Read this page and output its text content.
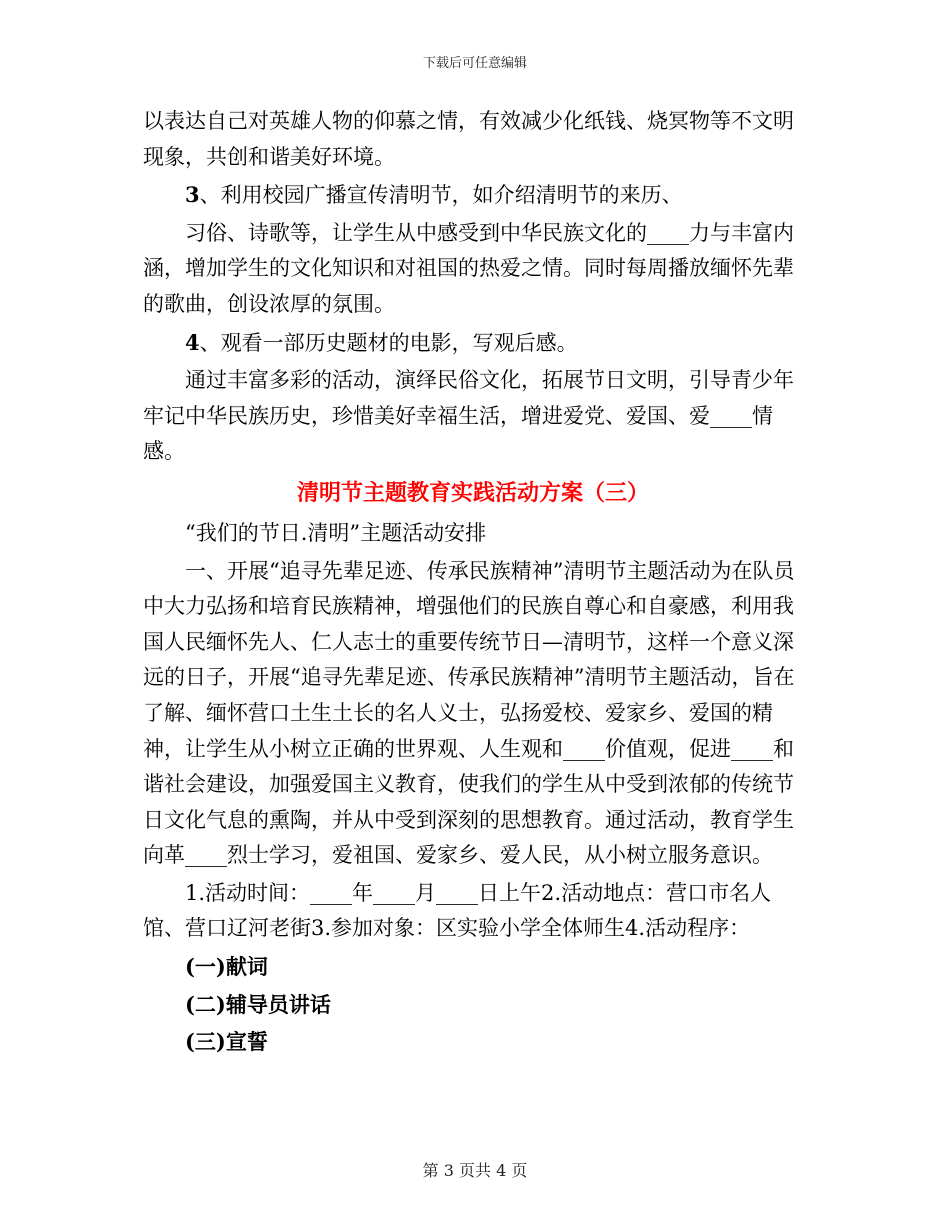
下载后可任意编辑

以表达自己对英雄人物的仰慕之情，有效减少化纸钱、烧冥物等不文明现象，共创和谐美好环境。

3、利用校园广播宣传清明节，如介绍清明节的来历、

习俗、诗歌等，让学生从中感受到中华民族文化的____力与丰富内涵，增加学生的文化知识和对祖国的热爱之情。同时每周播放缅怀先辈的歌曲，创设浓厚的氛围。

4、观看一部历史题材的电影，写观后感。

通过丰富多彩的活动，演绎民俗文化，拓展节日文明，引导青少年牢记中华民族历史，珍惜美好幸福生活，增进爱党、爱国、爱____情感。

清明节主题教育实践活动方案（三）

“我们的节日.清明”主题活动安排

一、开展“追寻先辈足迹、传承民族精神”清明节主题活动为在队员中大力弘扬和培育民族精神，增强他们的民族自尊心和自豪感，利用我国人民缅怀先人、仁人志士的重要传统节日—清明节，这样一个意义深远的日子，开展“追寻先辈足迹、传承民族精神”清明节主题活动，旨在了解、缅怀营口土生土长的名人义士，弘扬爱校、爱家乡、爱国的精神，让学生从小树立正确的世界观、人生观和____价值观，促进____和谐社会建设，加强爱国主义教育，使我们的学生从中受到浓郁的传统节日文化气息的熏陶，并从中受到深刻的思想教育。通过活动，教育学生向革____烈士学习，爱祖国、爱家乡、爱人民，从小树立服务意识。

1.活动时间：____年____月____日上午2.活动地点：营口市名人馆、营口辽河老街3.参加对象：区实验小学全体师生4.活动程序：

(一)献词

(二)辅导员讲话

(三)宣誓

第 3 页共 4 页
